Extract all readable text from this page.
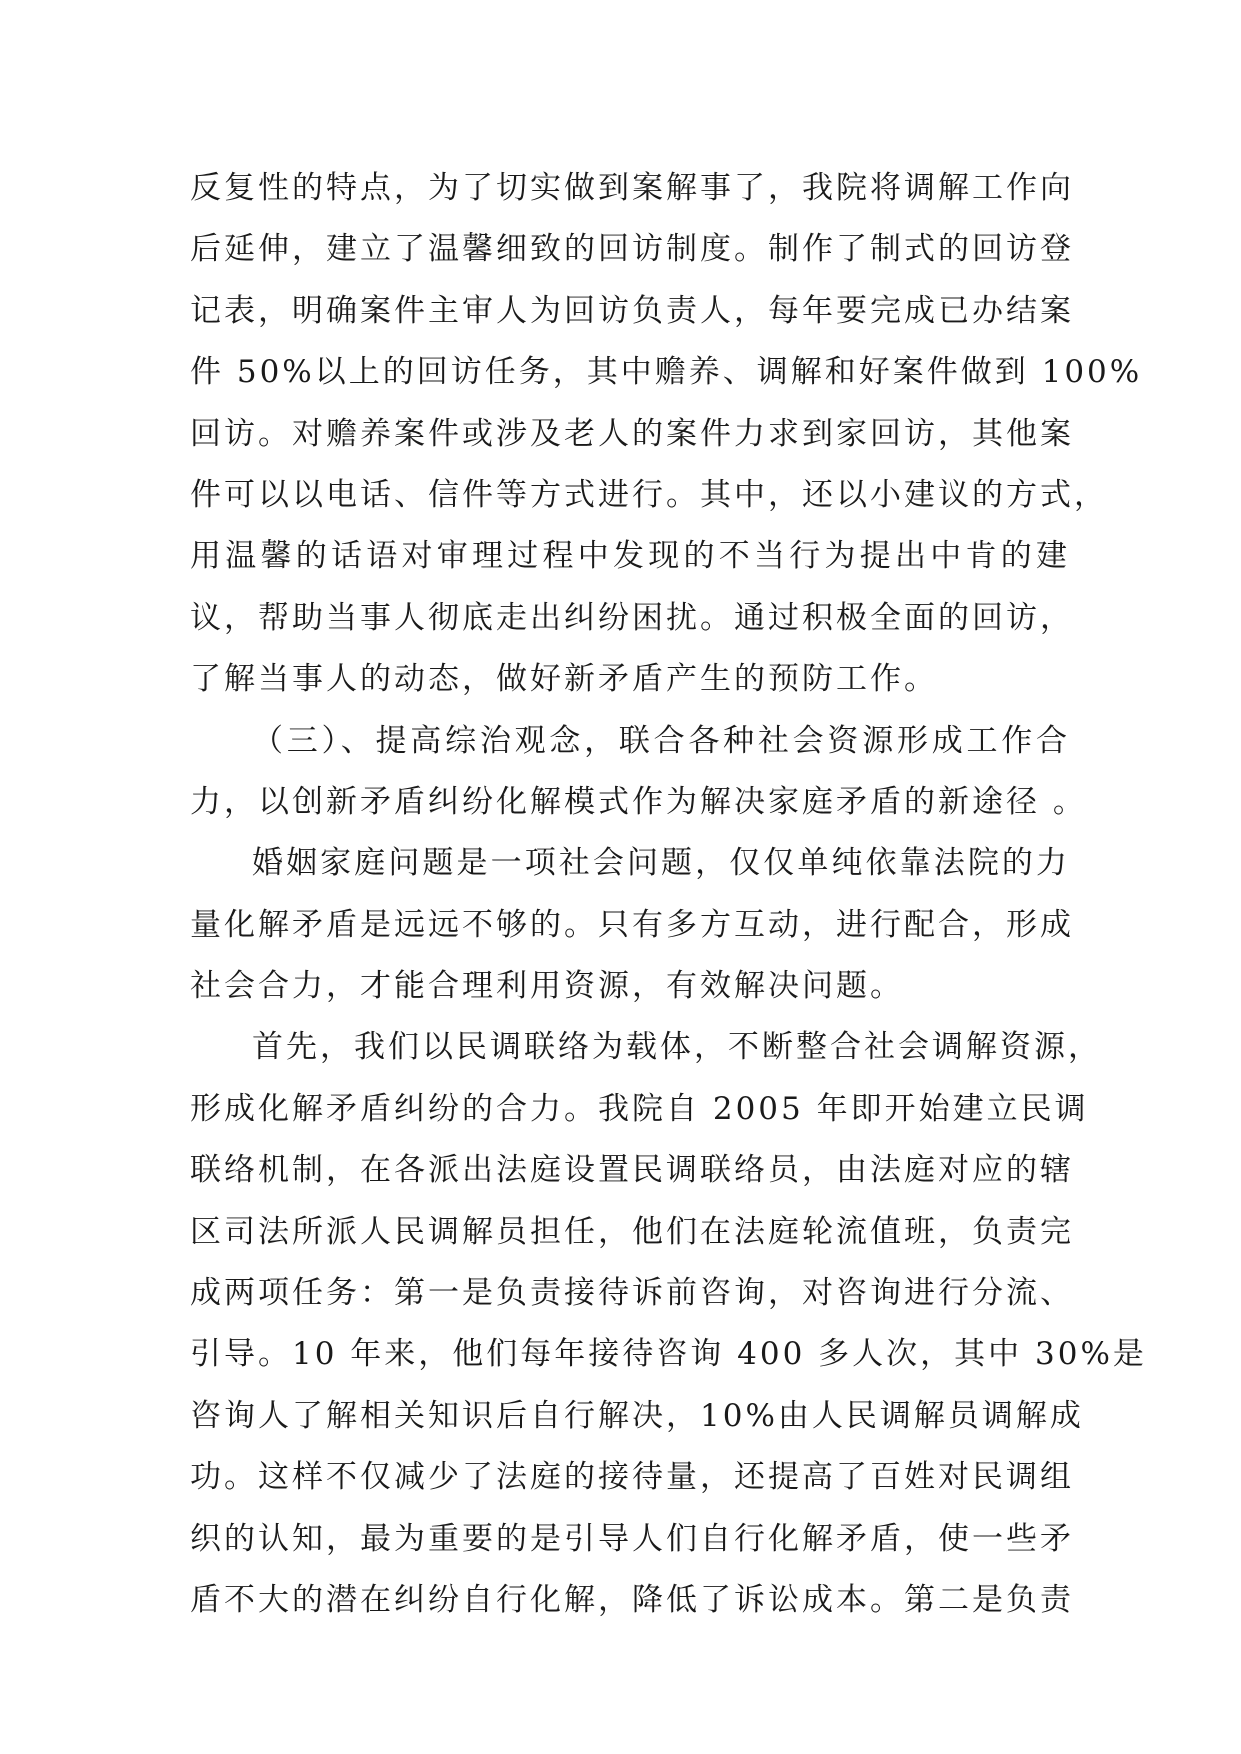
反复性的特点，为了切实做到案解事了，我院将调解工作向
后延伸，建立了温馨细致的回访制度。制作了制式的回访登
记表，明确案件主审人为回访负责人，每年要完成已办结案
件 50%以上的回访任务，其中赡养、调解和好案件做到 100%
回访。对赡养案件或涉及老人的案件力求到家回访，其他案
件可以以电话、信件等方式进行。其中，还以小建议的方式，
用温馨的话语对审理过程中发现的不当行为提出中肯的建
议，帮助当事人彻底走出纠纷困扰。通过积极全面的回访，
了解当事人的动态，做好新矛盾产生的预防工作。
（三）、提高综治观念，联合各种社会资源形成工作合
力，以创新矛盾纠纷化解模式作为解决家庭矛盾的新途径 。
婚姻家庭问题是一项社会问题，仅仅单纯依靠法院的力
量化解矛盾是远远不够的。只有多方互动，进行配合，形成
社会合力，才能合理利用资源，有效解决问题。
首先，我们以民调联络为载体，不断整合社会调解资源，
形成化解矛盾纠纷的合力。我院自 2005 年即开始建立民调
联络机制，在各派出法庭设置民调联络员，由法庭对应的辖
区司法所派人民调解员担任，他们在法庭轮流值班，负责完
成两项任务：第一是负责接待诉前咨询，对咨询进行分流、
引导。10 年来，他们每年接待咨询 400 多人次，其中 30%是
咨询人了解相关知识后自行解决，10%由人民调解员调解成
功。这样不仅减少了法庭的接待量，还提高了百姓对民调组
织的认知，最为重要的是引导人们自行化解矛盾，使一些矛
盾不大的潜在纠纷自行化解，降低了诉讼成本。第二是负责
